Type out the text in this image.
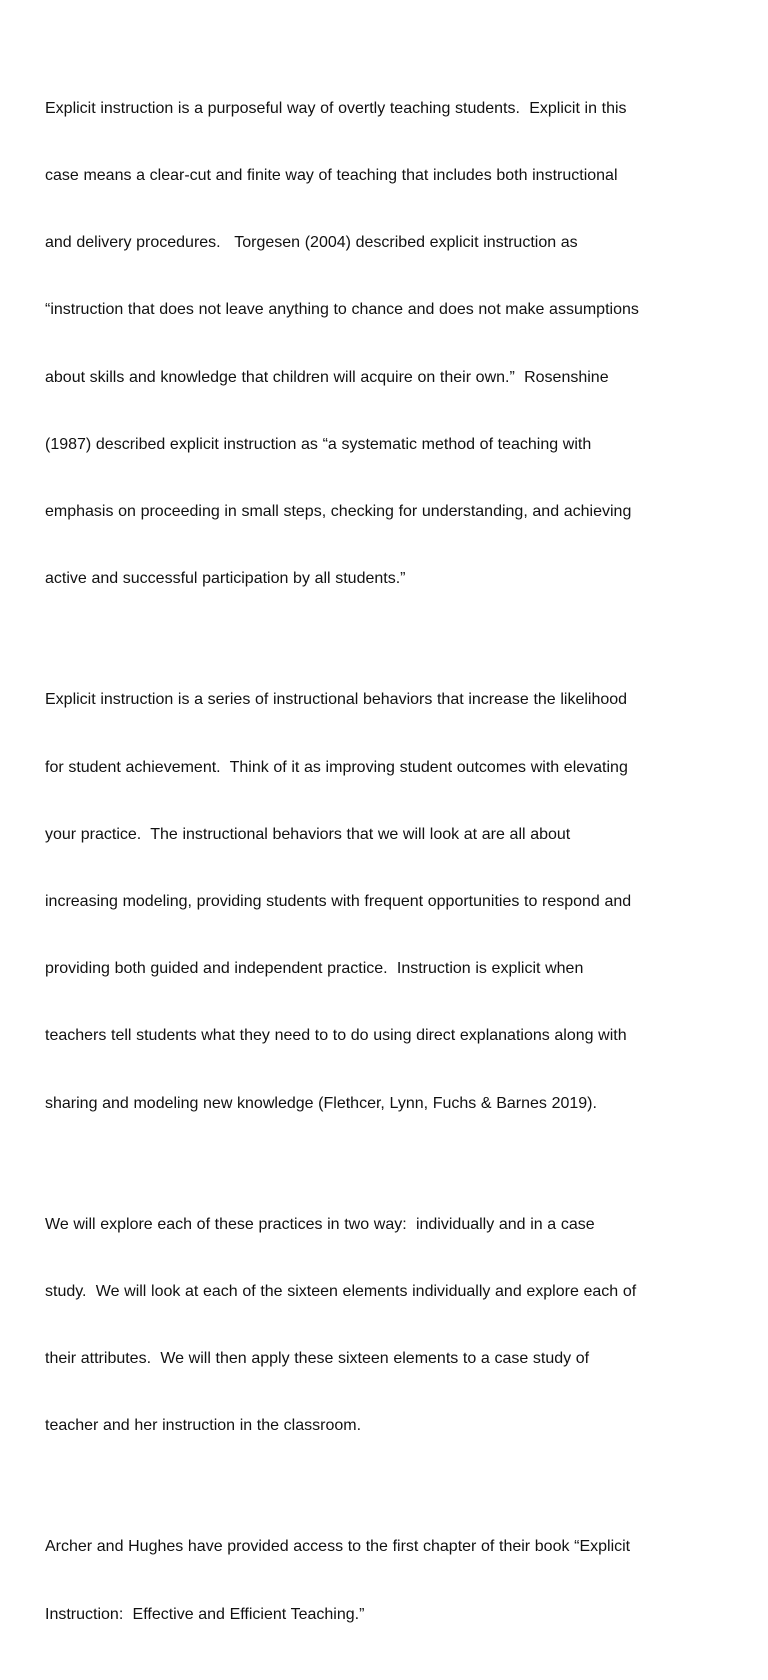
Explicit instruction is a purposeful way of overtly teaching students.  Explicit in this

case means a clear-cut and finite way of teaching that includes both instructional

and delivery procedures.   Torgesen (2004) described explicit instruction as

“instruction that does not leave anything to chance and does not make assumptions

about skills and knowledge that children will acquire on their own.”  Rosenshine

(1987) described explicit instruction as “a systematic method of teaching with

emphasis on proceeding in small steps, checking for understanding, and achieving

active and successful participation by all students.”

Explicit instruction is a series of instructional behaviors that increase the likelihood

for student achievement.  Think of it as improving student outcomes with elevating

your practice.  The instructional behaviors that we will look at are all about

increasing modeling, providing students with frequent opportunities to respond and

providing both guided and independent practice.  Instruction is explicit when

teachers tell students what they need to to do using direct explanations along with

sharing and modeling new knowledge (Flethcer, Lynn, Fuchs & Barnes 2019).

We will explore each of these practices in two way:  individually and in a case

study.  We will look at each of the sixteen elements individually and explore each of

their attributes.  We will then apply these sixteen elements to a case study of

teacher and her instruction in the classroom.

Archer and Hughes have provided access to the first chapter of their book “Explicit

Instruction:  Effective and Efficient Teaching.”
